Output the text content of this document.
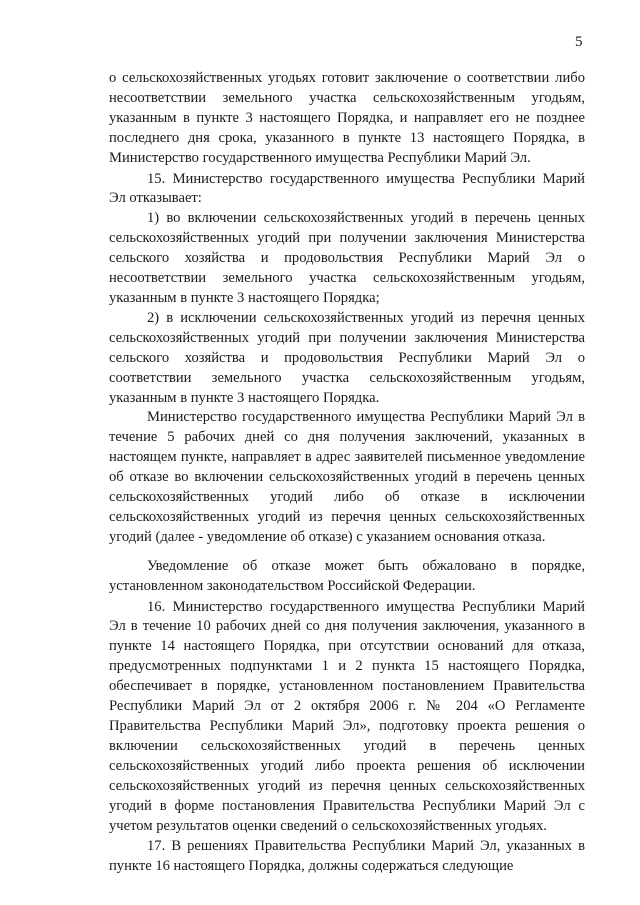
5

о сельскохозяйственных угодьях готовит заключение о соответствии либо несоответствии земельного участка сельскохозяйственным угодьям, указанным в пункте 3 настоящего Порядка, и направляет его не позднее последнего дня срока, указанного в пункте 13 настоящего Порядка, в Министерство государственного имущества Республики Марий Эл.

15. Министерство государственного имущества Республики Марий Эл отказывает:

1) во включении сельскохозяйственных угодий в перечень ценных сельскохозяйственных угодий при получении заключения Министерства сельского хозяйства и продовольствия Республики Марий Эл о несоответствии земельного участка сельскохозяйственным угодьям, указанным в пункте 3 настоящего Порядка;

2) в исключении сельскохозяйственных угодий из перечня ценных сельскохозяйственных угодий при получении заключения Министерства сельского хозяйства и продовольствия Республики Марий Эл о соответствии земельного участка сельскохозяйственным угодьям, указанным в пункте 3 настоящего Порядка.

Министерство государственного имущества Республики Марий Эл в течение 5 рабочих дней со дня получения заключений, указанных в настоящем пункте, направляет в адрес заявителей письменное уведомление об отказе во включении сельскохозяйственных угодий в перечень ценных сельскохозяйственных угодий либо об отказе в исключении сельскохозяйственных угодий из перечня ценных сельскохозяйственных угодий (далее - уведомление об отказе) с указанием основания отказа.

Уведомление об отказе может быть обжаловано в порядке, установленном законодательством Российской Федерации.

16. Министерство государственного имущества Республики Марий Эл в течение 10 рабочих дней со дня получения заключения, указанного в пункте 14 настоящего Порядка, при отсутствии оснований для отказа, предусмотренных подпунктами 1 и 2 пункта 15 настоящего Порядка, обеспечивает в порядке, установленном постановлением Правительства Республики Марий Эл от 2 октября 2006 г. № 204 «О Регламенте Правительства Республики Марий Эл», подготовку проекта решения о включении сельскохозяйственных угодий в перечень ценных сельскохозяйственных угодий либо проекта решения об исключении сельскохозяйственных угодий из перечня ценных сельскохозяйственных угодий в форме постановления Правительства Республики Марий Эл с учетом результатов оценки сведений о сельскохозяйственных угодьях.

17. В решениях Правительства Республики Марий Эл, указанных в пункте 16 настоящего Порядка, должны содержаться следующие
